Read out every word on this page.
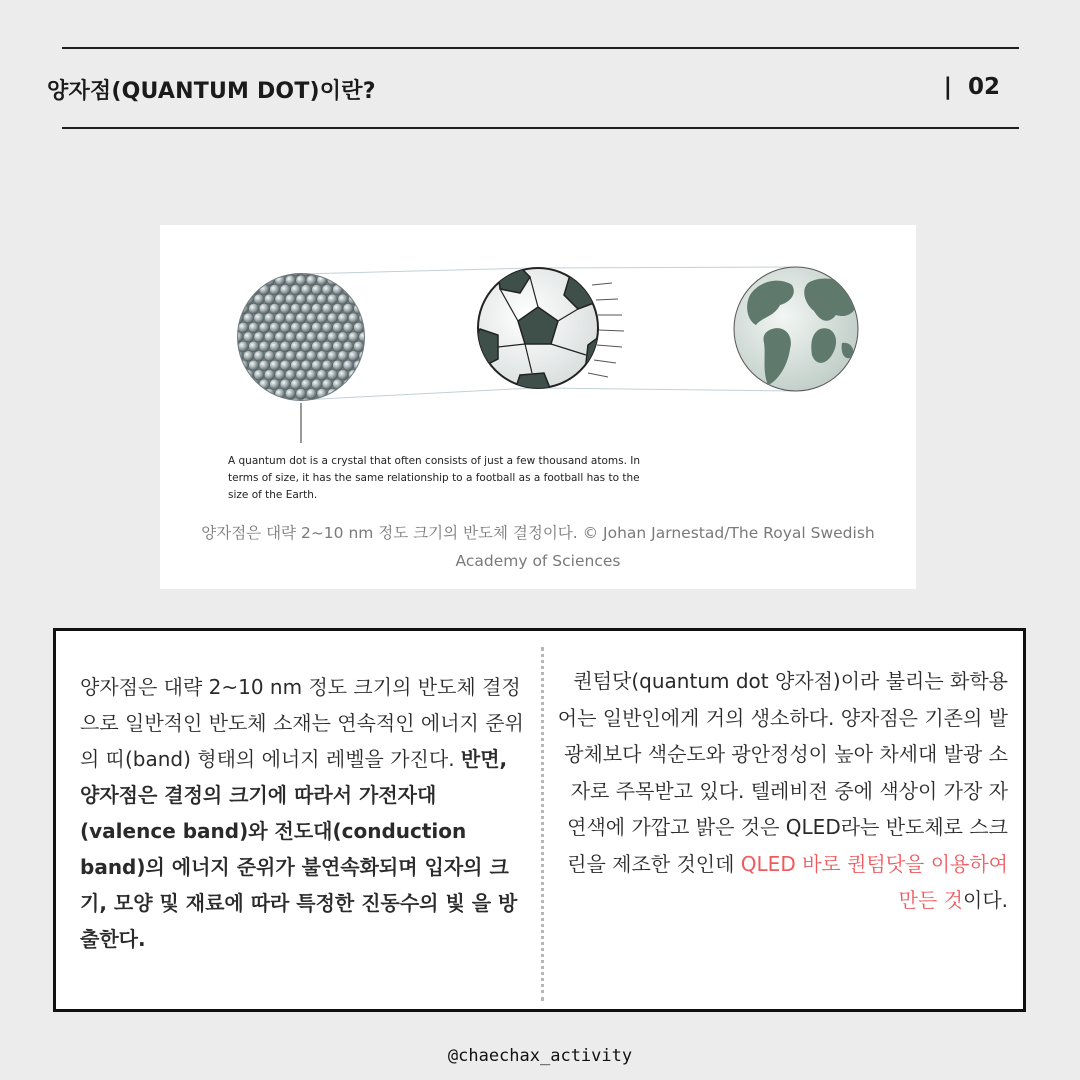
양자점(QUANTUM DOT)이란?	| 02
A quantum dot is a crystal that often consists of just a few thousand atoms. In terms of size, it has the same relationship to a football as a football has to the size of the Earth.
양자점은 대략 2~10 nm 정도 크기의 반도체 결정이다. © Johan Jarnestad/The Royal Swedish Academy of Sciences
양자점은 대략 2~10 nm 정도 크기의 반도체 결정으로 일반적인 반도체 소재는 연속적인 에너지 준위의 띠(band) 형태의 에너지 레벨을 가진다. 반면, 양자점은 결정의 크기에 따라서 가전자대(valence band)와 전도대(conduction band)의 에너지 준위가 불연속화되며 입자의 크기, 모양 및 재료에 따라 특정한 진동수의 빛 을 방출한다.
퀀텀닷(quantum dot 양자점)이라 불리는 화학용어는 일반인에게 거의 생소하다. 양자점은 기존의 발광체보다 색순도와 광안정성이 높아 차세대 발광 소자로 주목받고 있다. 텔레비전 중에 색상이 가장 자연색에 가깝고 밝은 것은 QLED라는 반도체로 스크린을 제조한 것인데 QLED 바로 퀀텀닷을 이용하여 만든 것이다.
@chaechax_activity
